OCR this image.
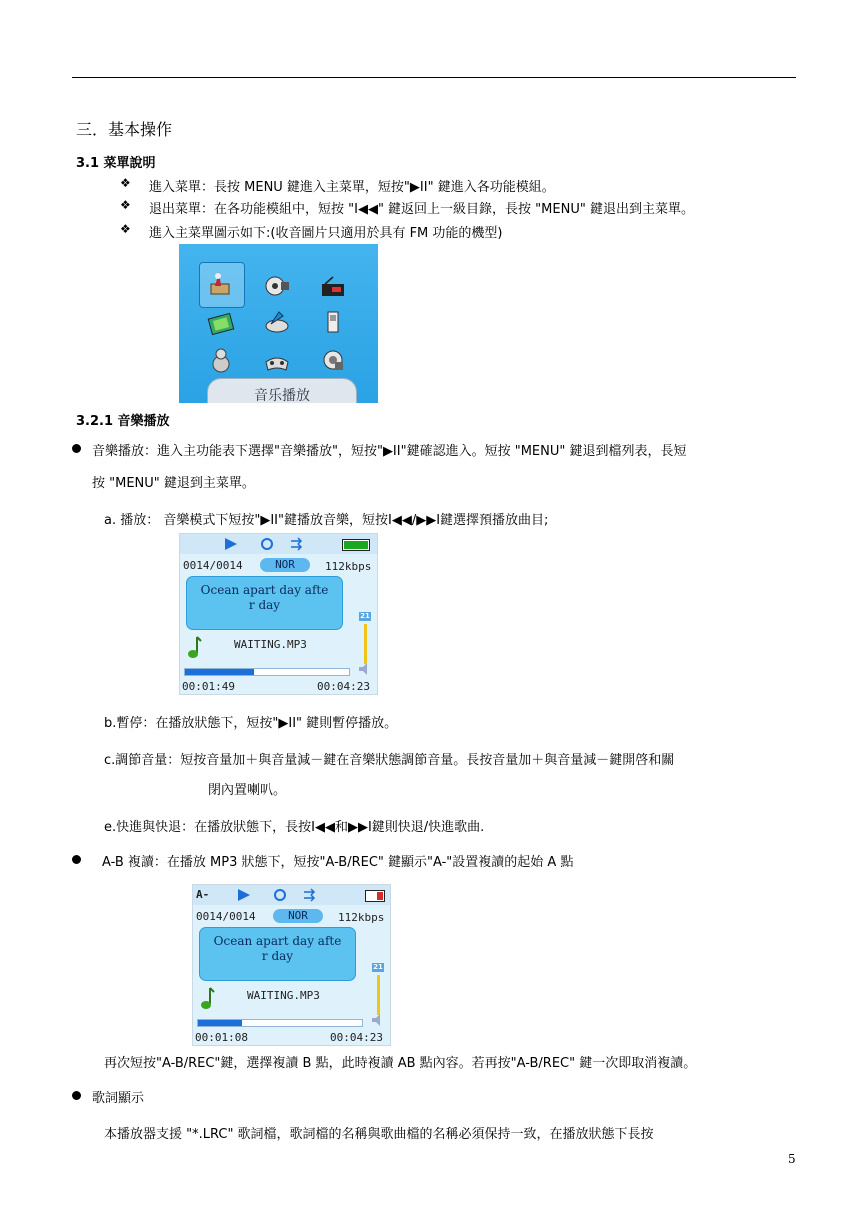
三．基本操作
3.1 菜單說明
❖ 進入菜單：長按 MENU 鍵進入主菜單，短按"▶II" 鍵進入各功能模組。
❖ 退出菜單：在各功能模組中，短按 "I◀◀" 鍵返回上一級目錄，長按 "MENU" 鍵退出到主菜單。
❖ 進入主菜單圖示如下:(收音圖片只適用於具有 FM 功能的機型)
音乐播放
3.2.1 音樂播放
音樂播放：進入主功能表下選擇"音樂播放"，短按"▶II"鍵確認進入。短按 "MENU" 鍵退到檔列表，長短
按 "MENU" 鍵退到主菜單。
a. 播放： 音樂模式下短按"▶II"鍵播放音樂，短按I◀◀/▶▶I鍵選擇預播放曲目;
0014/0014	NOR	112kbps
Ocean apart day afte
r day
21
WAITING.MP3
00:01:49	00:04:23
b.暫停：在播放狀態下，短按"▶II" 鍵則暫停播放。
c.調節音量：短按音量加＋與音量減－鍵在音樂狀態調節音量。長按音量加＋與音量減－鍵開啓和關
閉內置喇叭。
e.快進與快退：在播放狀態下，長按I◀◀和▶▶I鍵則快退/快進歌曲.
A-B 複讀：在播放 MP3 狀態下，短按"A-B/REC" 鍵顯示"A-"設置複讀的起始 A 點
A-
0014/0014	NOR	112kbps
Ocean apart day afte
r day
21
WAITING.MP3
00:01:08	00:04:23
再次短按"A-B/REC"鍵，選擇複讀 B 點，此時複讀 AB 點內容。若再按"A-B/REC" 鍵一次即取消複讀。
歌詞顯示
本播放器支援 "*.LRC" 歌詞檔，歌詞檔的名稱與歌曲檔的名稱必須保持一致，在播放狀態下長按
5
